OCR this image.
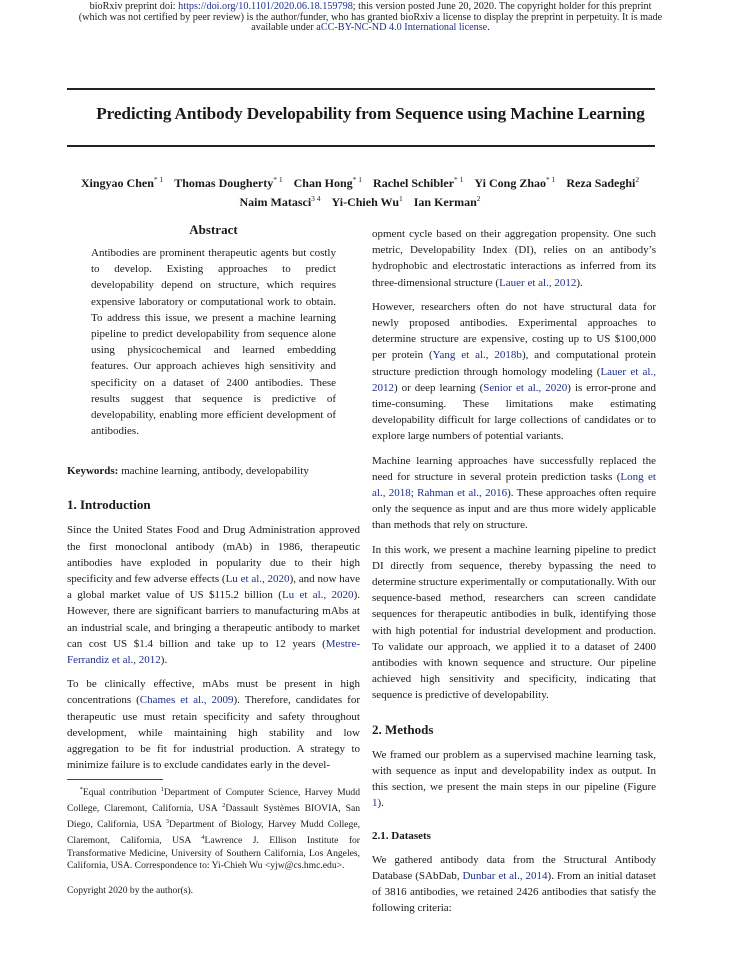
bioRxiv preprint doi: https://doi.org/10.1101/2020.06.18.159798; this version posted June 20, 2020. The copyright holder for this preprint
(which was not certified by peer review) is the author/funder, who has granted bioRxiv a license to display the preprint in perpetuity. It is made
available under aCC-BY-NC-ND 4.0 International license.
Predicting Antibody Developability from Sequence using Machine Learning
Xingyao Chen$^{* 1}$ Thomas Dougherty$^{* 1}$ Chan Hong$^{* 1}$ Rachel Schibler$^{* 1}$ Yi Cong Zhao$^{* 1}$ Reza Sadeghi$^2$
Naim Matasci$^{3 4}$ Yi-Chieh Wu$^1$ Ian Kerman$^2$
Abstract
Antibodies are prominent therapeutic agents but costly to develop. Existing approaches to predict developability depend on structure, which requires expensive laboratory or computational work to obtain. To address this issue, we present a machine learning pipeline to predict developability from sequence alone using physicochemical and learned embedding features. Our approach achieves high sensitivity and specificity on a dataset of 2400 antibodies. These results suggest that sequence is predictive of developability, enabling more efficient development of antibodies.
Keywords: machine learning, antibody, developability
1. Introduction

Since the United States Food and Drug Administration approved the first monoclonal antibody (mAb) in 1986, therapeutic antibodies have exploded in popularity due to their high specificity and few adverse effects (Lu et al., 2020), and now have a global market value of US $115.2 billion (Lu et al., 2020). However, there are significant barriers to manufacturing mAbs at an industrial scale, and bringing a therapeutic antibody to market can cost US $1.4 billion and take up to 12 years (Mestre-Ferrandiz et al., 2012).

To be clinically effective, mAbs must be present in high concentrations (Chames et al., 2009). Therefore, candidates for therapeutic use must retain specificity and safety throughout development, while maintaining high stability and low aggregation to be fit for industrial production. A strategy to minimize failure is to exclude candidates early in the devel-

*Equal contribution $^1$Department of Computer Science, Harvey Mudd College, Claremont, California, USA $^2$Dassault Systèmes BIOVIA, San Diego, California, USA $^3$Department of Biology, Harvey Mudd College, Claremont, California, USA $^4$Lawrence J. Ellison Institute for Transformative Medicine, University of Southern California, Los Angeles, California, USA. Correspondence to: Yi-Chieh Wu <yjw@cs.hmc.edu>.
Copyright 2020 by the author(s).

opment cycle based on their aggregation propensity. One such metric, Developability Index (DI), relies on an antibody’s hydrophobic and electrostatic interactions as inferred from its three-dimensional structure (Lauer et al., 2012).

However, researchers often do not have structural data for newly proposed antibodies. Experimental approaches to determine structure are expensive, costing up to US $100,000 per protein (Yang et al., 2018b), and computational protein structure prediction through homology modeling (Lauer et al., 2012) or deep learning (Senior et al., 2020) is error-prone and time-consuming. These limitations make estimating developability difficult for large collections of candidates or to explore large numbers of potential variants.

Machine learning approaches have successfully replaced the need for structure in several protein prediction tasks (Long et al., 2018; Rahman et al., 2016). These approaches often require only the sequence as input and are thus more widely applicable than methods that rely on structure.

In this work, we present a machine learning pipeline to predict DI directly from sequence, thereby bypassing the need to determine structure experimentally or computationally. With our sequence-based method, researchers can screen candidate sequences for therapeutic antibodies in bulk, identifying those with high potential for industrial development and production. To validate our approach, we applied it to a dataset of 2400 antibodies with known sequence and structure. Our pipeline achieved high sensitivity and specificity, indicating that sequence is predictive of developability.

2. Methods

We framed our problem as a supervised machine learning task, with sequence as input and developability index as output. In this section, we present the main steps in our pipeline (Figure 1).

2.1. Datasets

We gathered antibody data from the Structural Antibody Database (SAbDab, Dunbar et al., 2014). From an initial dataset of 3816 antibodies, we retained 2426 antibodies that satisfy the following criteria:
